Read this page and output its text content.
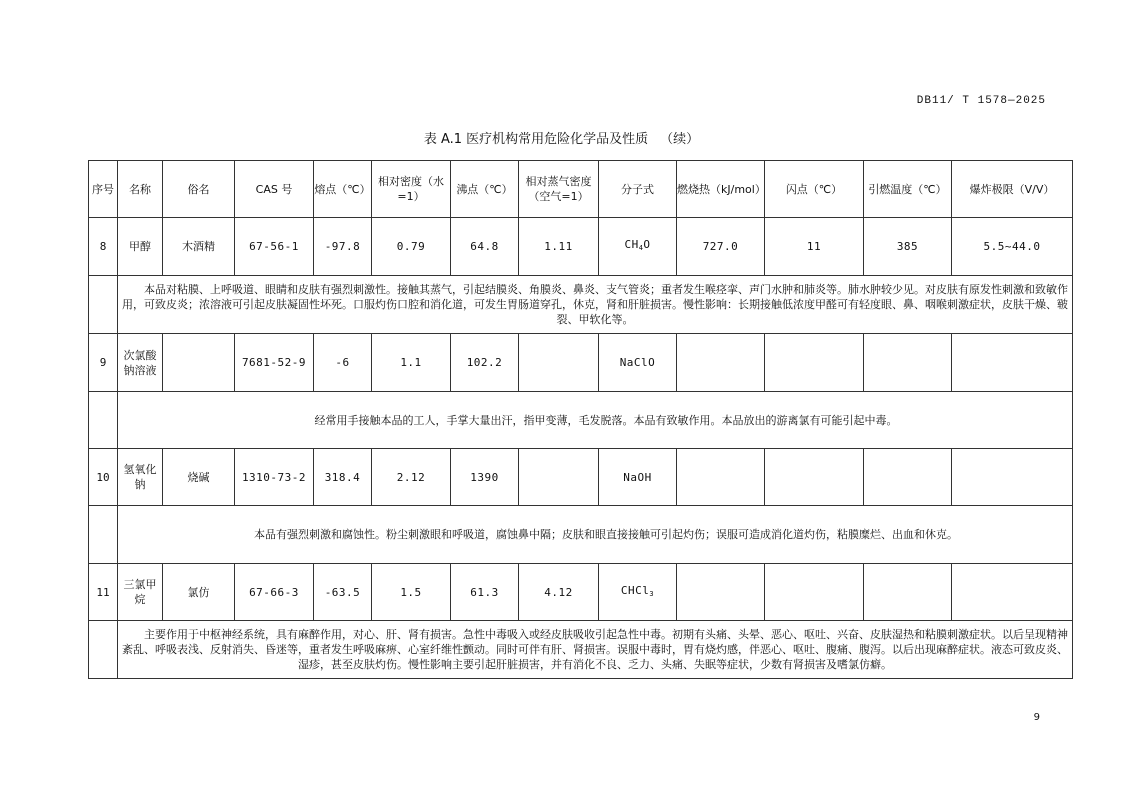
DB11/ T 1578—2025
表 A.1 医疗机构常用危险化学品及性质 （续）
序号	名称	俗名	CAS 号	熔点（℃）	相对密度（水=1）	沸点（℃）	相对蒸气密度（空气=1）	分子式	燃烧热（kJ/mol）	闪点（℃）	引燃温度（℃）	爆炸极限（V/V）
8	甲醇	木酒精	67-56-1	-97.8	0.79	64.8	1.11	$CH_4O$	727.0	11	385	5.5~44.0
	本品对粘膜、上呼吸道、眼睛和皮肤有强烈刺激性。接触其蒸气，引起结膜炎、角膜炎、鼻炎、支气管炎；重者发生喉痉挛、声门水肿和肺炎等。肺水肿较少见。对皮肤有原发性刺激和致敏作用，可致皮炎；浓溶液可引起皮肤凝固性坏死。口服灼伤口腔和消化道，可发生胃肠道穿孔，休克，肾和肝脏损害。慢性影响：长期接触低浓度甲醛可有轻度眼、鼻、咽喉刺激症状，皮肤干燥、皲裂、甲软化等。											
9	次氯酸钠溶液		7681-52-9	-6	1.1	102.2		NaClO				
	经常用手接触本品的工人，手掌大量出汗，指甲变薄，毛发脱落。本品有致敏作用。本品放出的游离氯有可能引起中毒。											
10	氢氧化钠	烧碱	1310-73-2	318.4	2.12	1390		NaOH				
	本品有强烈刺激和腐蚀性。粉尘刺激眼和呼吸道，腐蚀鼻中隔；皮肤和眼直接接触可引起灼伤；误服可造成消化道灼伤，粘膜糜烂、出血和休克。											
11	三氯甲烷	氯仿	67-66-3	-63.5	1.5	61.3	4.12	CHCl$_3$				
	主要作用于中枢神经系统，具有麻醉作用，对心、肝、肾有损害。急性中毒吸入或经皮肤吸收引起急性中毒。初期有头痛、头晕、恶心、呕吐、兴奋、皮肤湿热和粘膜刺激症状。以后呈现精神紊乱、呼吸表浅、反射消失、昏迷等，重者发生呼吸麻痹、心室纤维性颤动。同时可伴有肝、肾损害。误服中毒时，胃有烧灼感，伴恶心、呕吐、腹痛、腹泻。以后出现麻醉症状。液态可致皮炎、湿疹，甚至皮肤灼伤。慢性影响主要引起肝脏损害，并有消化不良、乏力、头痛、失眠等症状，少数有肾损害及嗜氯仿癖。											
9
